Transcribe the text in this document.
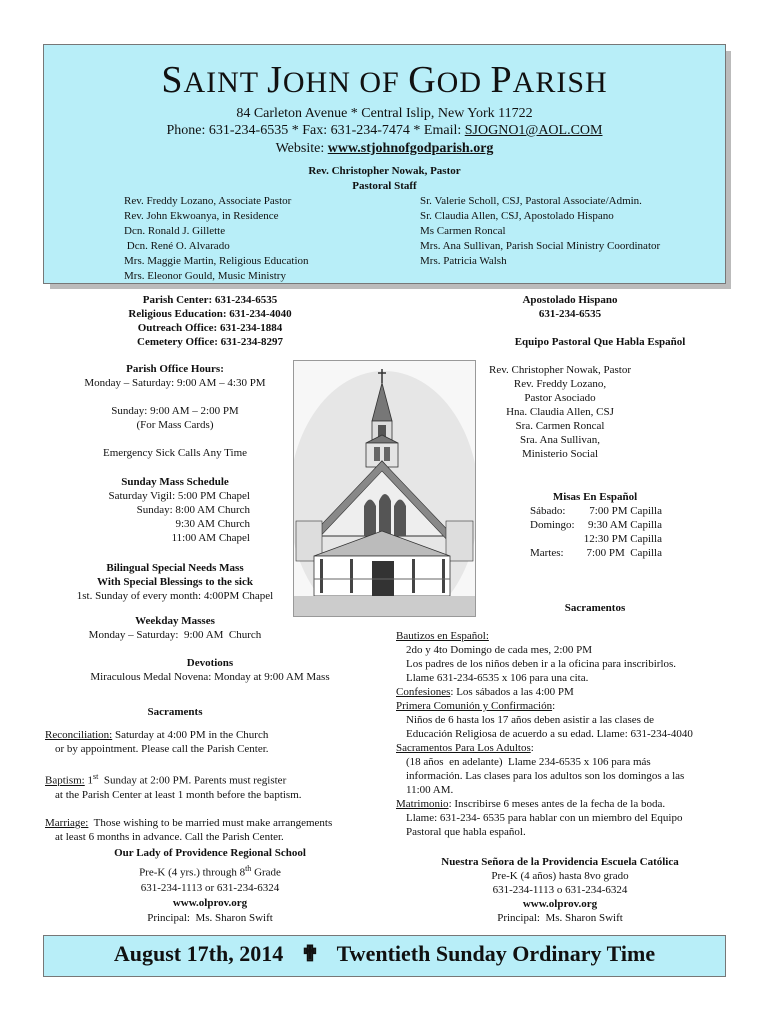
SAINT JOHN OF GOD PARISH
84 Carleton Avenue * Central Islip, New York 11722
Phone: 631-234-6535 * Fax: 631-234-7474 * Email: SJOGNO1@AOL.COM
Website: www.stjohnofgodparish.org
Rev. Christopher Nowak, Pastor
Pastoral Staff
Rev. Freddy Lozano, Associate Pastor
Rev. John Ekwoanya, in Residence
Dcn. Ronald J. Gillette
Dcn. René O. Alvarado
Mrs. Maggie Martin, Religious Education
Mrs. Eleonor Gould, Music Ministry
Sr. Valerie Scholl, CSJ, Pastoral Associate/Admin.
Sr. Claudia Allen, CSJ, Apostolado Hispano
Ms Carmen Roncal
Mrs. Ana Sullivan, Parish Social Ministry Coordinator
Mrs. Patricia Walsh
Parish Center: 631-234-6535
Religious Education: 631-234-4040
Outreach Office: 631-234-1884
Cemetery Office: 631-234-8297
Apostolado Hispano
631-234-6535
Equipo Pastoral Que Habla Español
Rev. Christopher Nowak, Pastor
Rev. Freddy Lozano,
Pastor Asociado
Hna. Claudia Allen, CSJ
Sra. Carmen Roncal
Sra. Ana Sullivan,
Ministerio Social
Parish Office Hours:
Monday – Saturday: 9:00 AM – 4:30 PM
Sunday: 9:00 AM – 2:00 PM
(For Mass Cards)
Emergency Sick Calls Any Time
Sunday Mass Schedule
Saturday Vigil: 5:00 PM Chapel
Sunday: 8:00 AM Church
9:30 AM Church
11:00 AM Chapel
Misas En Español
Sábado: 7:00 PM Capilla
Domingo: 9:30 AM Capilla
12:30 PM Capilla
Martes: 7:00 PM  Capilla
Bilingual Special Needs Mass
With Special Blessings to the sick
1st. Sunday of every month: 4:00PM Chapel
Weekday Masses
Monday – Saturday:  9:00 AM  Church
Sacramentos
Devotions
Miraculous Medal Novena: Monday at 9:00 AM Mass
Sacraments
Reconciliation: Saturday at 4:00 PM in the Church
or by appointment. Please call the Parish Center.
Baptism: 1st  Sunday at 2:00 PM. Parents must register
at the Parish Center at least 1 month before the baptism.
Marriage:  Those wishing to be married must make arrangements
at least 6 months in advance. Call the Parish Center.
Bautizos en Español:
2do y 4to Domingo de cada mes, 2:00 PM
Los padres de los niños deben ir a la oficina para inscribirlos.
Llame 631-234-6535 x 106 para una cita.
Confesiones: Los sábados a las 4:00 PM
Primera Comunión y Confirmación:
Niños de 6 hasta los 17 años deben asistir a las clases de
Educación Religiosa de acuerdo a su edad. Llame: 631-234-4040
Sacramentos Para Los Adultos:
(18 años  en adelante)  Llame 234-6535 x 106 para más
información. Las clases para los adultos son los domingos a las
11:00 AM.
Matrimonio: Inscribirse 6 meses antes de la fecha de la boda.
Llame: 631-234- 6535 para hablar con un miembro del Equipo
Pastoral que habla español.
Our Lady of Providence Regional School
Pre-K (4 yrs.) through 8th Grade
631-234-1113 or 631-234-6324
www.olprov.org
Principal:  Ms. Sharon Swift
Nuestra Señora de la Providencia Escuela Católica
Pre-K (4 años) hasta 8vo grado
631-234-1113 o 631-234-6324
www.olprov.org
Principal:  Ms. Sharon Swift
August 17th, 2014 ✟ Twentieth Sunday Ordinary Time
